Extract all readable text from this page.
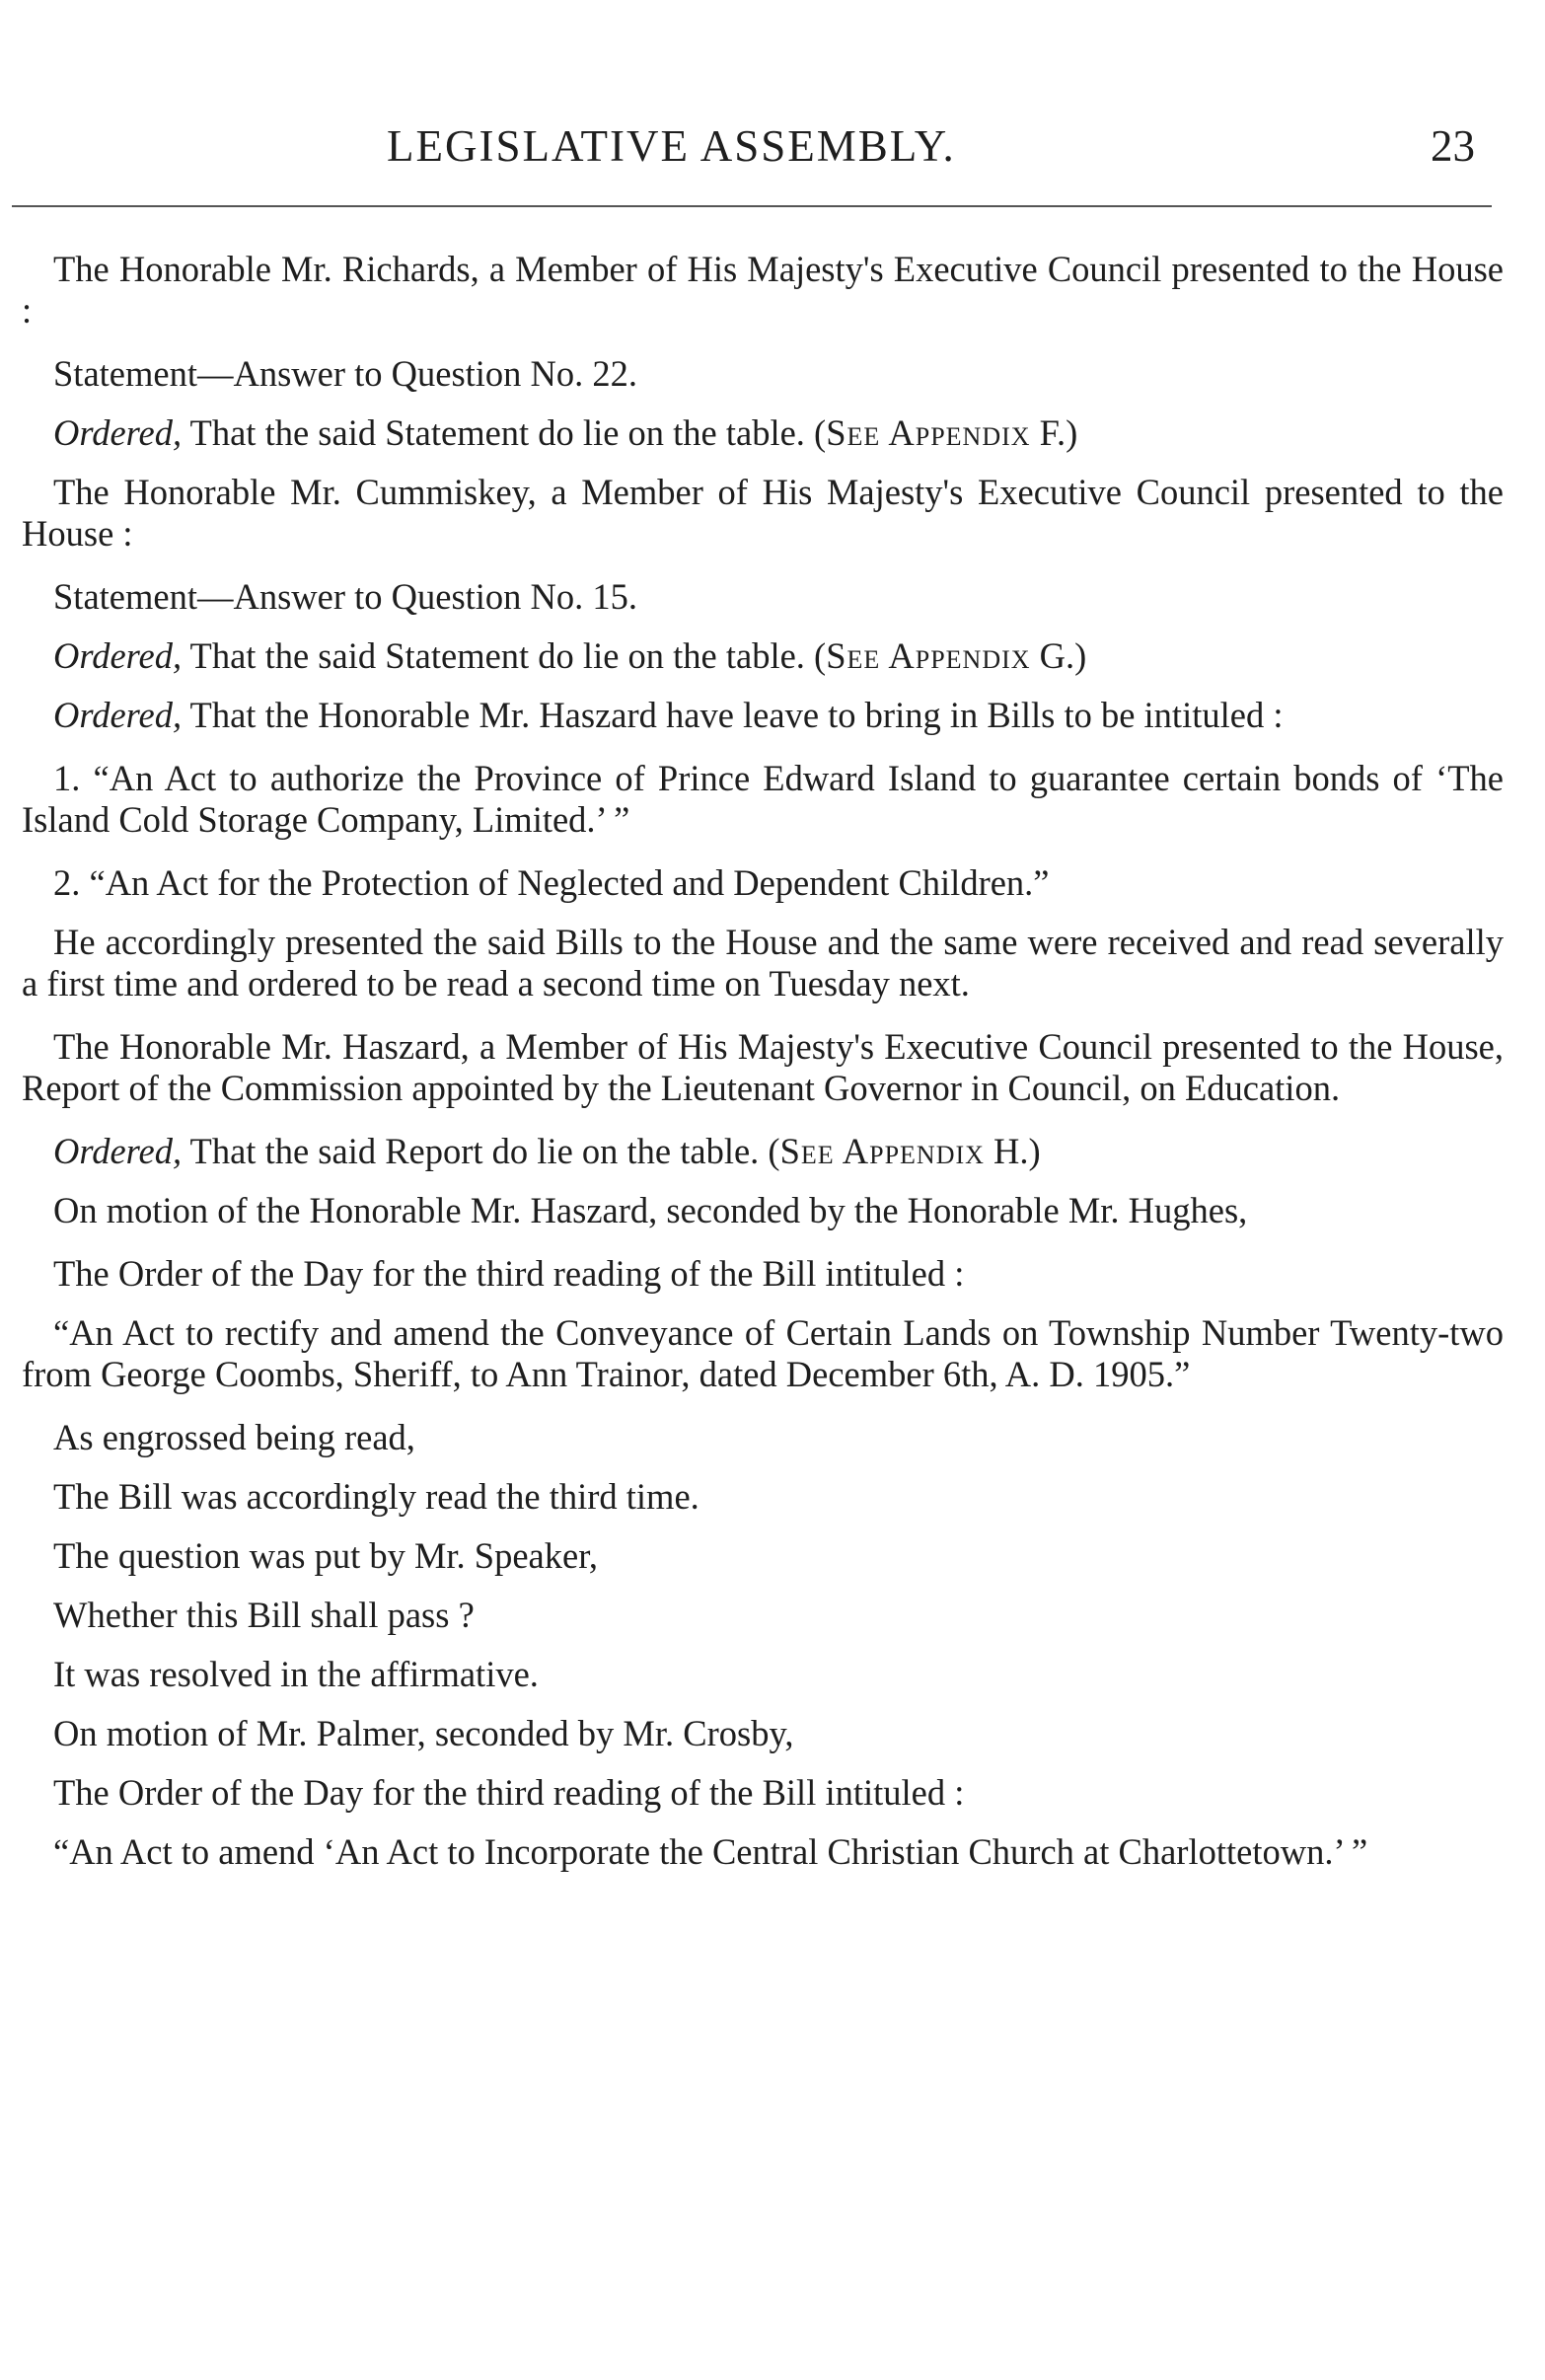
LEGISLATIVE ASSEMBLY.	23

The Honorable Mr. Richards, a Member of His Majesty's Executive Council presented to the House :

Statement—Answer to Question No. 22.

Ordered, That the said Statement do lie on the table. (See Appendix F.)

The Honorable Mr. Cummiskey, a Member of His Majesty's Executive Council presented to the House :

Statement—Answer to Question No. 15.

Ordered, That the said Statement do lie on the table. (See Appendix G.)

Ordered, That the Honorable Mr. Haszard have leave to bring in Bills to be intituled :

1. “An Act to authorize the Province of Prince Edward Island to guarantee certain bonds of ‘The Island Cold Storage Company, Limited.’ ”

2. “An Act for the Protection of Neglected and Dependent Children.”

He accordingly presented the said Bills to the House and the same were received and read severally a first time and ordered to be read a second time on Tuesday next.

The Honorable Mr. Haszard, a Member of His Majesty's Executive Council presented to the House, Report of the Commission appointed by the Lieutenant Governor in Council, on Education.

Ordered, That the said Report do lie on the table. (See Appendix H.)

On motion of the Honorable Mr. Haszard, seconded by the Honorable Mr. Hughes,

The Order of the Day for the third reading of the Bill intituled :

“An Act to rectify and amend the Conveyance of Certain Lands on Township Number Twenty-two from George Coombs, Sheriff, to Ann Trainor, dated December 6th, A. D. 1905.”

As engrossed being read,

The Bill was accordingly read the third time.

The question was put by Mr. Speaker,

Whether this Bill shall pass ?

It was resolved in the affirmative.

On motion of Mr. Palmer, seconded by Mr. Crosby,

The Order of the Day for the third reading of the Bill intituled :

“An Act to amend ‘An Act to Incorporate the Central Christian Church at Charlottetown.’ ”
